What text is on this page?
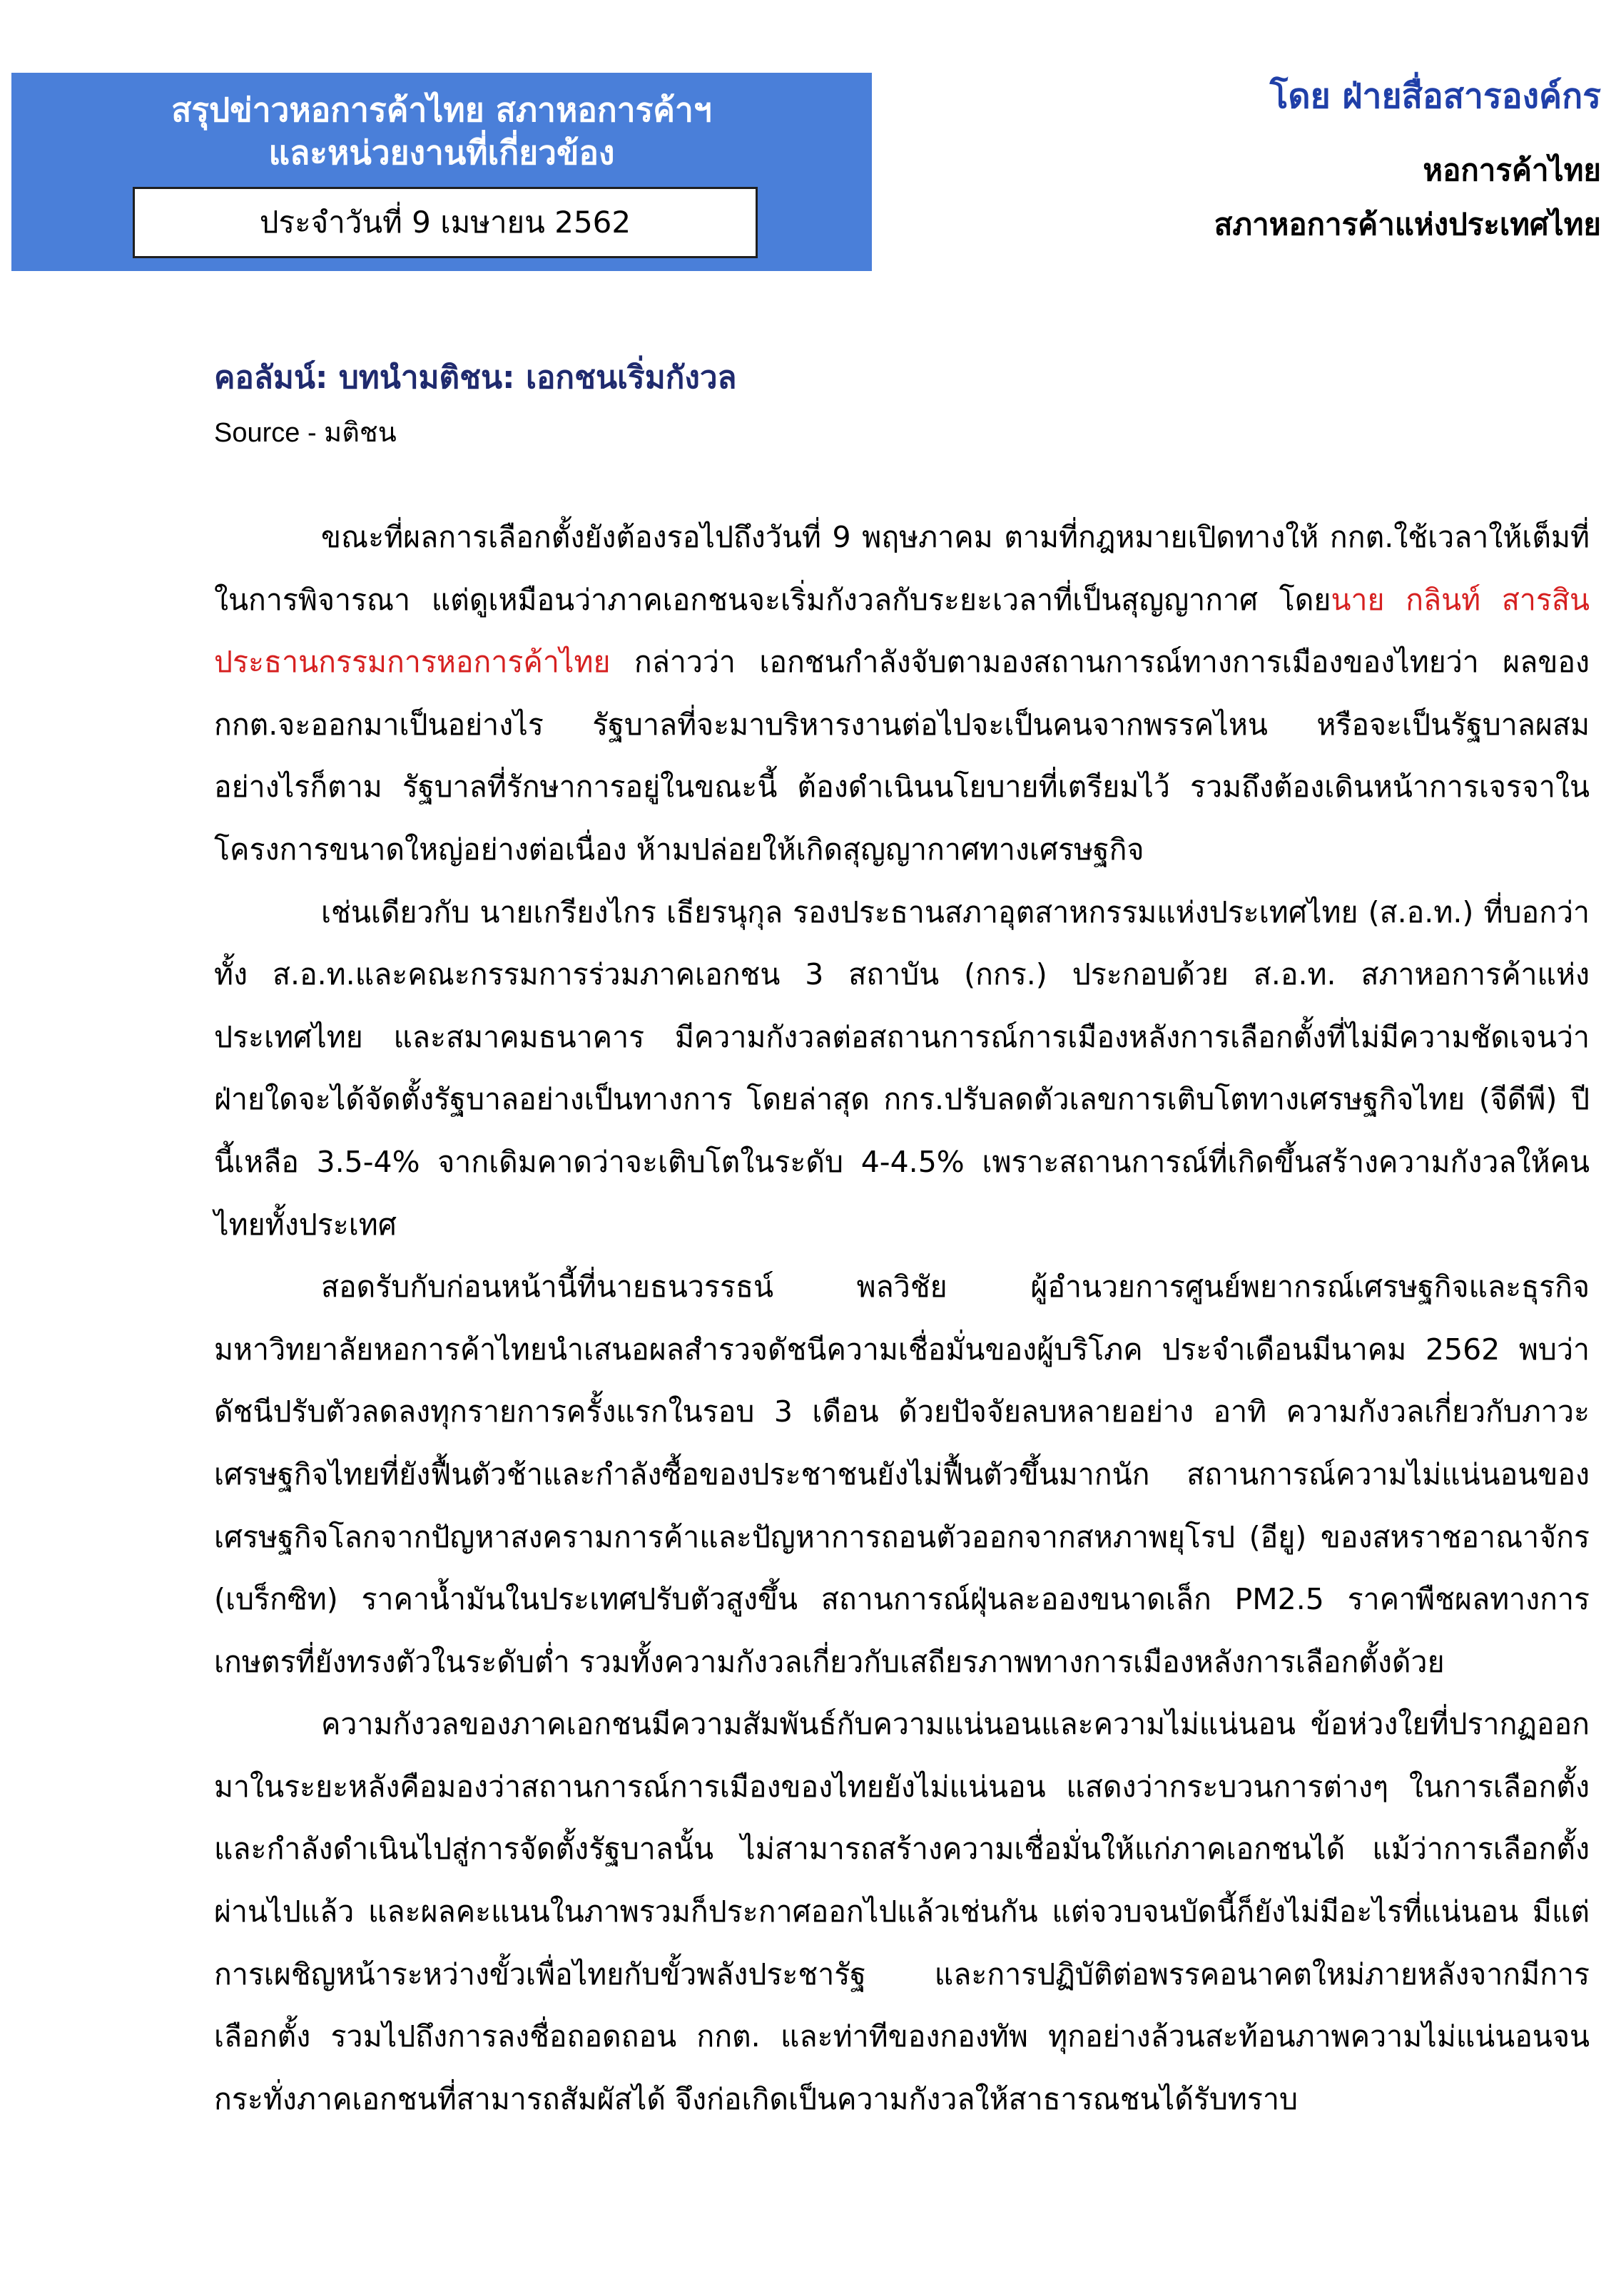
สรุปข่าวหอการค้าไทย สภาหอการค้าฯ
และหน่วยงานที่เกี่ยวข้อง
ประจำวันที่ 9 เมษายน 2562
โดย ฝ่ายสื่อสารองค์กร
หอการค้าไทย
สภาหอการค้าแห่งประเทศไทย
คอลัมน์: บทนำมติชน: เอกชนเริ่มกังวล
Source - มติชน

ขณะที่ผลการเลือกตั้งยังต้องรอไปถึงวันที่ 9 พฤษภาคม ตามที่กฎหมายเปิดทางให้ กกต.ใช้เวลาให้เต็มที่ในการพิจารณา แต่ดูเหมือนว่าภาคเอกชนจะเริ่มกังวลกับระยะเวลาที่เป็นสุญญากาศ โดยนาย กลินท์ สารสิน ประธานกรรมการหอการค้าไทย กล่าวว่า เอกชนกำลังจับตามองสถานการณ์ทางการเมืองของไทยว่า ผลของ กกต.จะออกมาเป็นอย่างไร รัฐบาลที่จะมาบริหารงานต่อไปจะเป็นคนจากพรรคไหน หรือจะเป็นรัฐบาลผสม อย่างไรก็ตาม รัฐบาลที่รักษาการอยู่ในขณะนี้ ต้องดำเนินนโยบายที่เตรียมไว้ รวมถึงต้องเดินหน้าการเจรจาในโครงการขนาดใหญ่อย่างต่อเนื่อง ห้ามปล่อยให้เกิดสุญญากาศทางเศรษฐกิจ

เช่นเดียวกับ นายเกรียงไกร เธียรนุกุล รองประธานสภาอุตสาหกรรมแห่งประเทศไทย (ส.อ.ท.) ที่บอกว่า ทั้ง ส.อ.ท.และคณะกรรมการร่วมภาคเอกชน 3 สถาบัน (กกร.) ประกอบด้วย ส.อ.ท. สภาหอการค้าแห่งประเทศไทย และสมาคมธนาคาร มีความกังวลต่อสถานการณ์การเมืองหลังการเลือกตั้งที่ไม่มีความชัดเจนว่าฝ่ายใดจะได้จัดตั้งรัฐบาลอย่างเป็นทางการ โดยล่าสุด กกร.ปรับลดตัวเลขการเติบโตทางเศรษฐกิจไทย (จีดีพี) ปีนี้เหลือ 3.5-4% จากเดิมคาดว่าจะเติบโตในระดับ 4-4.5% เพราะสถานการณ์ที่เกิดขึ้นสร้างความกังวลให้คนไทยทั้งประเทศ

สอดรับกับก่อนหน้านี้ที่นายธนวรรธน์ พลวิชัย ผู้อำนวยการศูนย์พยากรณ์เศรษฐกิจและธุรกิจ มหาวิทยาลัยหอการค้าไทยนำเสนอผลสำรวจดัชนีความเชื่อมั่นของผู้บริโภค ประจำเดือนมีนาคม 2562 พบว่า ดัชนีปรับตัวลดลงทุกรายการครั้งแรกในรอบ 3 เดือน ด้วยปัจจัยลบหลายอย่าง อาทิ ความกังวลเกี่ยวกับภาวะเศรษฐกิจไทยที่ยังฟื้นตัวช้าและกำลังซื้อของประชาชนยังไม่ฟื้นตัวขึ้นมากนัก สถานการณ์ความไม่แน่นอนของเศรษฐกิจโลกจากปัญหาสงครามการค้าและปัญหาการถอนตัวออกจากสหภาพยุโรป (อียู) ของสหราชอาณาจักร (เบร็กซิท) ราคาน้ำมันในประเทศปรับตัวสูงขึ้น สถานการณ์ฝุ่นละอองขนาดเล็ก PM2.5 ราคาพืชผลทางการเกษตรที่ยังทรงตัวในระดับต่ำ รวมทั้งความกังวลเกี่ยวกับเสถียรภาพทางการเมืองหลังการเลือกตั้งด้วย

ความกังวลของภาคเอกชนมีความสัมพันธ์กับความแน่นอนและความไม่แน่นอน ข้อห่วงใยที่ปรากฏออกมาในระยะหลังคือมองว่าสถานการณ์การเมืองของไทยยังไม่แน่นอน แสดงว่ากระบวนการต่างๆ ในการเลือกตั้งและกำลังดำเนินไปสู่การจัดตั้งรัฐบาลนั้น ไม่สามารถสร้างความเชื่อมั่นให้แก่ภาคเอกชนได้ แม้ว่าการเลือกตั้งผ่านไปแล้ว และผลคะแนนในภาพรวมก็ประกาศออกไปแล้วเช่นกัน แต่จวบจนบัดนี้ก็ยังไม่มีอะไรที่แน่นอน มีแต่การเผชิญหน้าระหว่างขั้วเพื่อไทยกับขั้วพลังประชารัฐ และการปฏิบัติต่อพรรคอนาคตใหม่ภายหลังจากมีการเลือกตั้ง รวมไปถึงการลงชื่อถอดถอน กกต. และท่าทีของกองทัพ ทุกอย่างล้วนสะท้อนภาพความไม่แน่นอนจนกระทั่งภาคเอกชนที่สามารถสัมผัสได้ จึงก่อเกิดเป็นความกังวลให้สาธารณชนได้รับทราบ
